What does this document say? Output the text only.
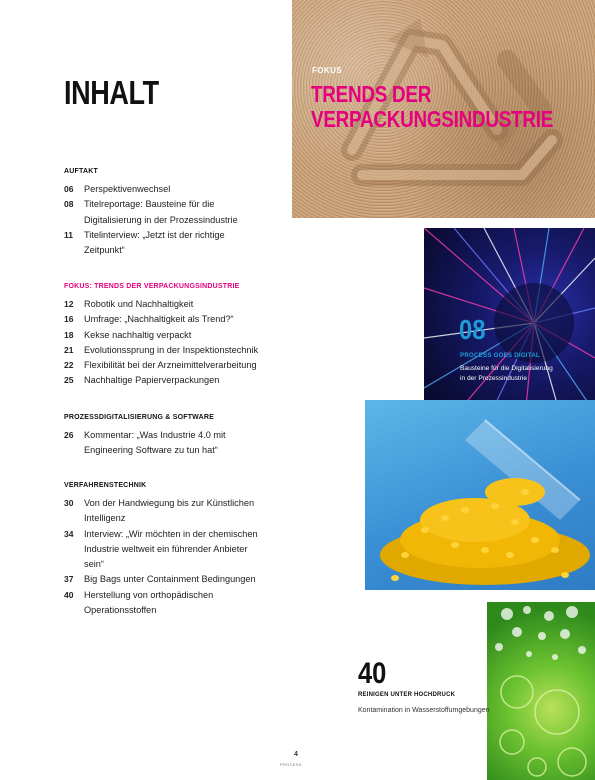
INHALT
AUFTAKT
06	Perspektivenwechsel
08	Titelreportage: Bausteine für die Digitalisierung in der Prozessindustrie
11	Titelinterview: „Jetzt ist der richtige Zeitpunkt“
FOKUS: TRENDS DER VERPACKUNGSINDUSTRIE
12	Robotik und Nachhaltigkeit
16	Umfrage: „Nachhaltigkeit als Trend?“
18	Kekse nachhaltig verpackt
21	Evolutionssprung in der Inspektionstechnik
22	Flexibilität bei der Arzneimittelverarbeitung
25	Nachhaltige Papierverpackungen
PROZESSDIGITALISIERUNG & SOFTWARE
26	Kommentar: „Was Industrie 4.0 mit Engineering Software zu tun hat“
VERFAHRENSTECHNIK
30	Von der Handwiegung bis zur Künstlichen Intelligenz
34	Interview: „Wir möchten in der chemischen Industrie weltweit ein führender Anbieter sein“
37	Big Bags unter Containment Bedingungen
40	Herstellung von orthopädischen Operationsstoffen
FOKUS
TRENDS DER
VERPACKUNGSINDUSTRIE
08
PROCESS GOES DIGITAL
Bausteine für die Digitalisierung
in der Prozessindustrie
40
REINIGEN UNTER HOCHDRUCK
Kontamination in Wasserstoffumgebungen
4
PROCESS
